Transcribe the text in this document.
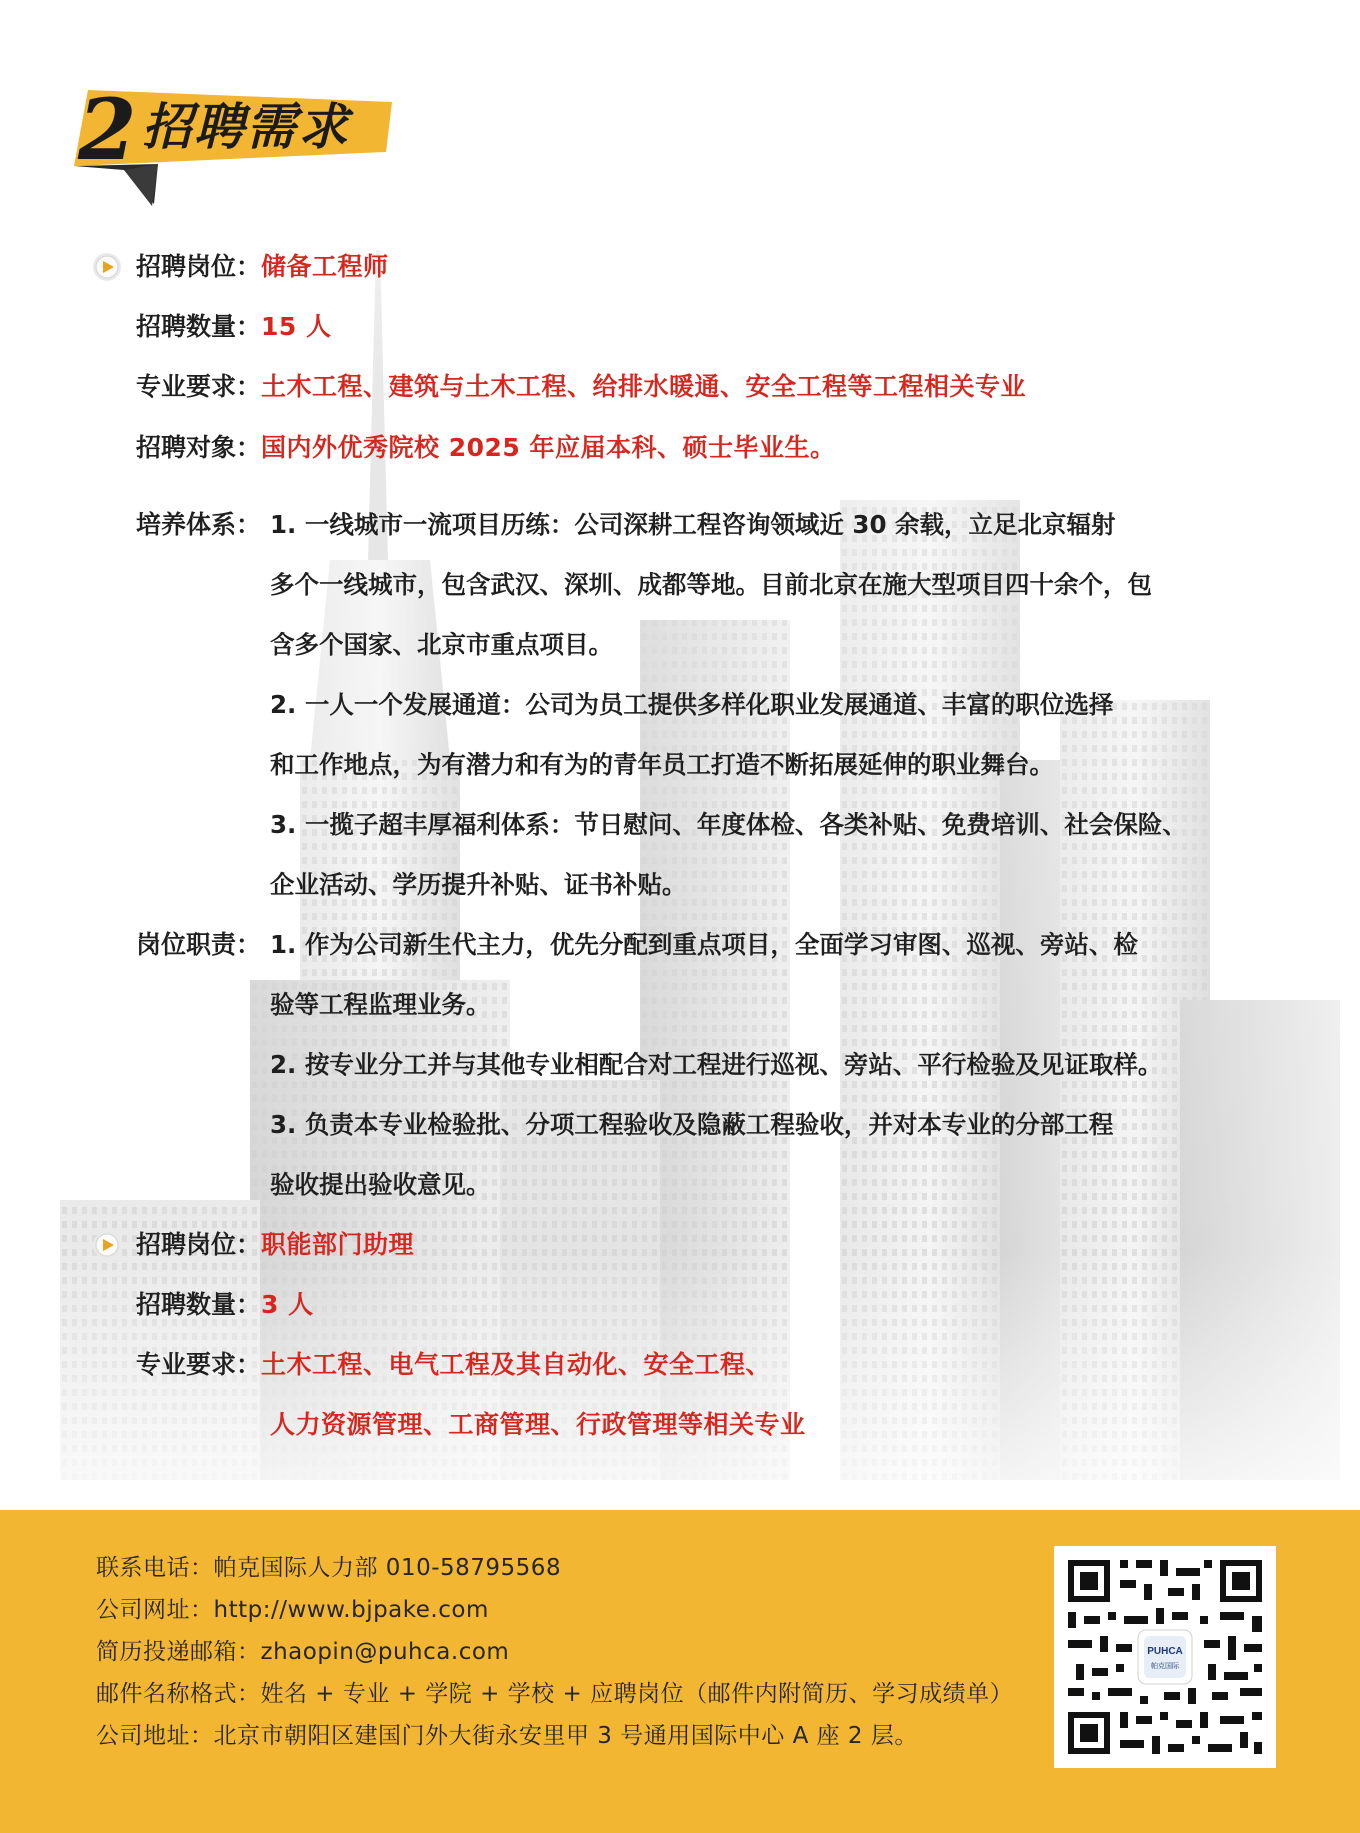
2 招聘需求
招聘岗位：储备工程师
招聘数量：15 人
专业要求：土木工程、建筑与土木工程、给排水暖通、安全工程等工程相关专业
招聘对象：国内外优秀院校 2025 年应届本科、硕士毕业生。
培养体系： 1. 一线城市一流项目历练：公司深耕工程咨询领域近 30 余载，立足北京辐射
多个一线城市，包含武汉、深圳、成都等地。目前北京在施大型项目四十余个，包
含多个国家、北京市重点项目。
2. 一人一个发展通道：公司为员工提供多样化职业发展通道、丰富的职位选择
和工作地点，为有潜力和有为的青年员工打造不断拓展延伸的职业舞台。
3. 一揽子超丰厚福利体系：节日慰问、年度体检、各类补贴、免费培训、社会保险、
企业活动、学历提升补贴、证书补贴。
岗位职责： 1. 作为公司新生代主力，优先分配到重点项目，全面学习审图、巡视、旁站、检
验等工程监理业务。
2. 按专业分工并与其他专业相配合对工程进行巡视、旁站、平行检验及见证取样。
3. 负责本专业检验批、分项工程验收及隐蔽工程验收，并对本专业的分部工程
验收提出验收意见。
招聘岗位：职能部门助理
招聘数量：3 人
专业要求：土木工程、电气工程及其自动化、安全工程、
人力资源管理、工商管理、行政管理等相关专业
联系电话：帕克国际人力部 010-58795568
公司网址：http://www.bjpake.com
简历投递邮箱：zhaopin@puhca.com
邮件名称格式：姓名 + 专业 + 学院 + 学校 + 应聘岗位（邮件内附简历、学习成绩单）
公司地址：北京市朝阳区建国门外大街永安里甲 3 号通用国际中心 A 座 2 层。
PUHCA
帕克国际
